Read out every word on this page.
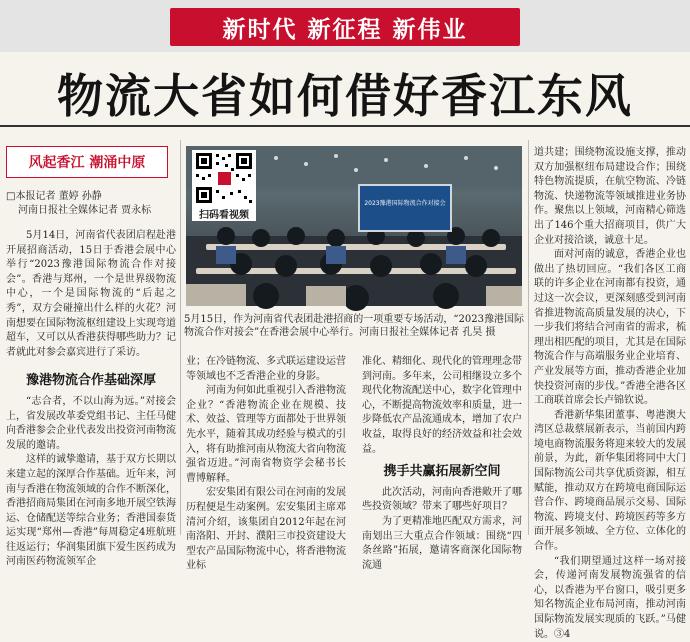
新时代 新征程 新伟业
物流大省如何借好香江东风
风起香江 潮涌中原
□本报记者 董婷 孙静
河南日报社全媒体记者 贾永标

5月14日，河南省代表团启程赴港开展招商活动，15日于香港会展中心举行“2023豫港国际物流合作对接会”。香港与郑州，一个是世界级物流中心，一个是国际物流的“后起之秀”，双方会碰撞出什么样的火花？河南想要在国际物流枢纽建设上实现弯道超车，又可以从香港获得哪些助力？记者就此对参会嘉宾进行了采访。

豫港物流合作基础深厚

“志合者，不以山海为远。”对接会上，省发展改革委党组书记、主任马健向香港参会企业代表发出投资河南物流发展的邀请。

这样的诚挚邀请，基于双方长期以来建立起的深厚合作基础。近年来，河南与香港在物流领域的合作不断深化，香港招商局集团在河南多地开展空铁海运、仓储配送等综合业务；香港国泰货运实现“郑州—香港”每周稳定4班航班往返运行；华润集团旗下爱生医药成为河南医药物流领军企

2023豫港国际物流合作对接会
扫码看视频
5月15日，作为河南省代表团赴港招商的一项重要专场活动，“2023豫港国际物流合作对接会”在香港会展中心举行。河南日报社全媒体记者 孔昊 摄

业；在冷链物流、多式联运建设运营等领域也不乏香港企业的身影。

河南为何如此重视引入香港物流企业？“香港物流企业在规模、技术、效益、管理等方面都处于世界领先水平，随着其成功经验与模式的引入，将有助推河南从物流大省向物流强省迈进。”河南省物资学会秘书长曹博解释。

宏安集团有限公司在河南的发展历程便是生动案例。宏安集团主席邓清河介绍，该集团自2012年起在河南洛阳、开封、濮阳三市投资建设大型农产品国际物流中心，将香港物流业标

准化、精细化、现代化的管理理念带到河南。多年来，公司相继设立多个现代化物流配送中心，数字化管理中心，不断提高物流效率和质量，进一步降低农产品流通成本，增加了农户收益，取得良好的经济效益和社会效益。

携手共赢拓展新空间

此次活动，河南向香港敞开了哪些投资领域？带来了哪些好项目？

为了更精准地匹配双方需求，河南划出三大重点合作领域：围绕“四条丝路”拓展，邀请客商深化国际物流通

道共建；围绕物流设施支撑，推动双方加强枢纽布局建设合作；围绕特色物流提质，在航空物流、冷链物流、快递物流等领域推进业务协作。聚焦以上领域，河南精心筛选出了146个重大招商项目，供广大企业对接洽谈，诚意十足。

面对河南的诚意，香港企业也做出了热切回应。“我们各区工商联的许多企业在河南都有投资，通过这一次会议，更深刻感受到河南省推进物流高质量发展的决心，下一步我们将结合河南省的需求，梳理出相匹配的项目，尤其是在国际物流合作与高端服务业企业培育、产业发展等方面，推动香港企业加快投资河南的步伐。”香港全港各区工商联首席会长卢锦钦说。

香港新华集团董事、粤港澳大湾区总裁蔡展新表示，当前国内跨境电商物流服务将迎来较大的发展前景，为此，新华集团将同中大门国际物流公司共享优质资源，相互赋能，推动双方在跨境电商国际运营合作、跨境商品展示交易、国际物流、跨境支付、跨境医药等多方面开展多领域、全方位、立体化的合作。

“我们期望通过这样一场对接会，传递河南发展物流强省的信心，以香港为平台窗口，吸引更多知名物流企业布局河南，推动河南国际物流发展实现质的飞跃。”马健说。③4
